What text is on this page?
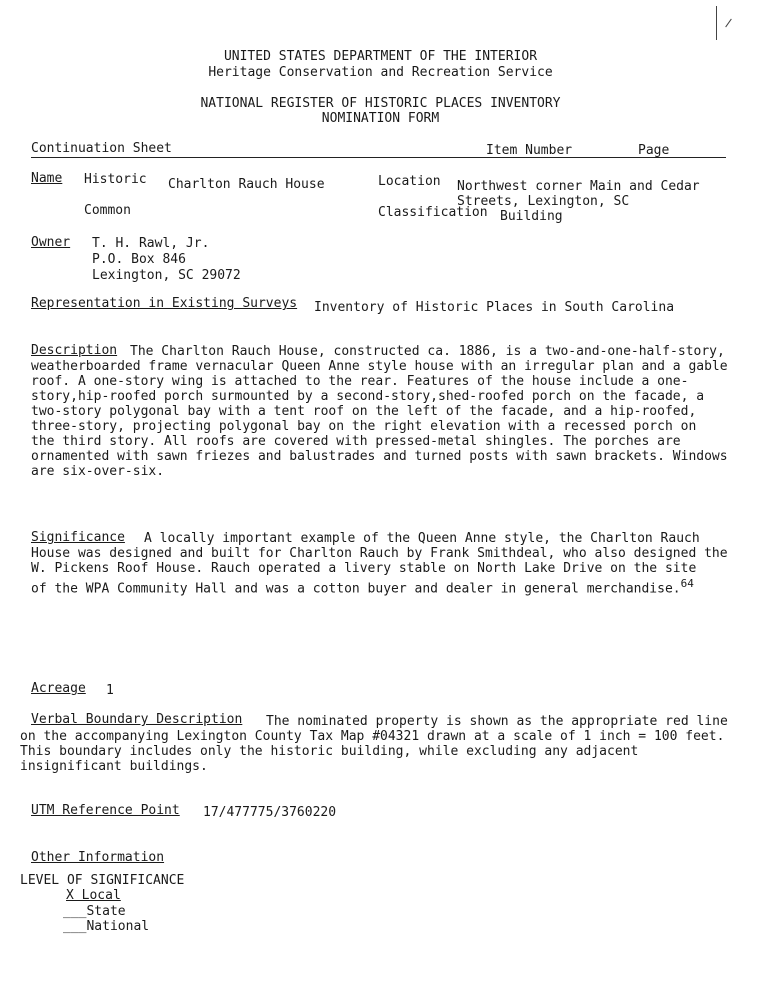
UNITED STATES DEPARTMENT OF THE INTERIOR
Heritage Conservation and Recreation Service
NATIONAL REGISTER OF HISTORIC PLACES INVENTORY
NOMINATION FORM
Continuation Sheet	Item Number	Page
Name Historic Charlton Rauch House	Location Northwest corner Main and Cedar
Streets, Lexington, SC
Common	Classification Building
Owner T. H. Rawl, Jr.
P.O. Box 846
Lexington, SC 29072
Representation in Existing Surveys Inventory of Historic Places in South Carolina
Description The Charlton Rauch House, constructed ca. 1886, is a two-and-one-half-story,
weatherboarded frame vernacular Queen Anne style house with an irregular plan and a gable
roof. A one-story wing is attached to the rear. Features of the house include a one-
story,hip-roofed porch surmounted by a second-story,shed-roofed porch on the facade, a
two-story polygonal bay with a tent roof on the left of the facade, and a hip-roofed,
three-story, projecting polygonal bay on the right elevation with a recessed porch on
the third story. All roofs are covered with pressed-metal shingles. The porches are
ornamented with sawn friezes and balustrades and turned posts with sawn brackets. Windows
are six-over-six.
Significance	A locally important example of the Queen Anne style, the Charlton Rauch
House was designed and built for Charlton Rauch by Frank Smithdeal, who also designed the
W. Pickens Roof House. Rauch operated a livery stable on North Lake Drive on the site
of the WPA Community Hall and was a cotton buyer and dealer in general merchandise.$^{64}$
Acreage 1
Verbal Boundary Description	The nominated property is shown as the appropriate red line
on the accompanying Lexington County Tax Map #04321 drawn at a scale of 1 inch = 100 feet.
This boundary includes only the historic building, while excluding any adjacent
insignificant buildings.
UTM Reference Point 17/477775/3760220
Other Information
LEVEL OF SIGNIFICANCE
X Local
___State
___National
